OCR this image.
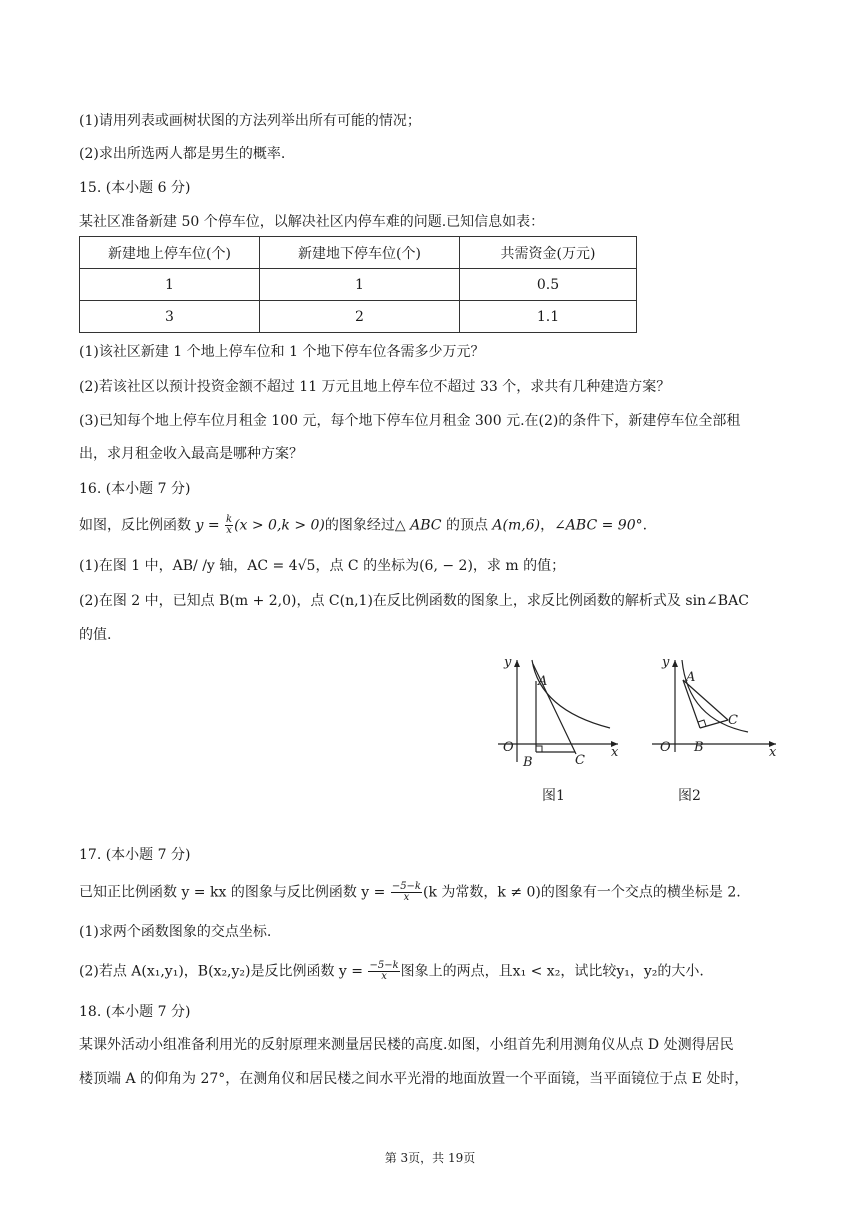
(1)请用列表或画树状图的方法列举出所有可能的情况；
(2)求出所选两人都是男生的概率.
15. (本小题 6 分)
某社区准备新建 50 个停车位，以解决社区内停车难的问题.已知信息如表：
新建地上停车位(个)	新建地下停车位(个)	共需资金(万元)
1	1	0.5
3	2	1.1
(1)该社区新建 1 个地上停车位和 1 个地下停车位各需多少万元？
(2)若该社区以预计投资金额不超过 11 万元且地上停车位不超过 33 个，求共有几种建造方案？
(3)已知每个地上停车位月租金 100 元，每个地下停车位月租金 300 元.在(2)的条件下，新建停车位全部租
出，求月租金收入最高是哪种方案？
16. (本小题 7 分)
如图，反比例函数 $y = \frac{k}{x} (x > 0,k > 0)$的图象经过△ ABC 的顶点 A(m,6)，∠ABC = 90°.
(1)在图 1 中，AB/ /y 轴，AC = 4√5，点 C 的坐标为(6, − 2)，求 m 的值；
(2)在图 2 中，已知点 B(m + 2,0)，点 C(n,1)在反比例函数的图象上，求反比例函数的解析式及 sin∠BAC
的值.
y
x
O
A
B	C
图1
y
x
O
A
B
C
图2
17. (本小题 7 分)
已知正比例函数 y = kx 的图象与反比例函数 $y = \frac{-5-k}{x} (k$ 为常数，k ≠ 0)的图象有一个交点的横坐标是 2.
(1)求两个函数图象的交点坐标.
(2)若点 A(x₁,y₁)，B(x₂,y₂)是反比例函数 $y = \frac{-5-k}{x}$ 图象上的两点，且x₁ < x₂，试比较y₁，y₂的大小.
18. (本小题 7 分)
某课外活动小组准备利用光的反射原理来测量居民楼的高度.如图，小组首先利用测角仪从点 D 处测得居民
楼顶端 A 的仰角为 27°，在测角仪和居民楼之间水平光滑的地面放置一个平面镜，当平面镜位于点 E 处时，
第 3页，共 19页
